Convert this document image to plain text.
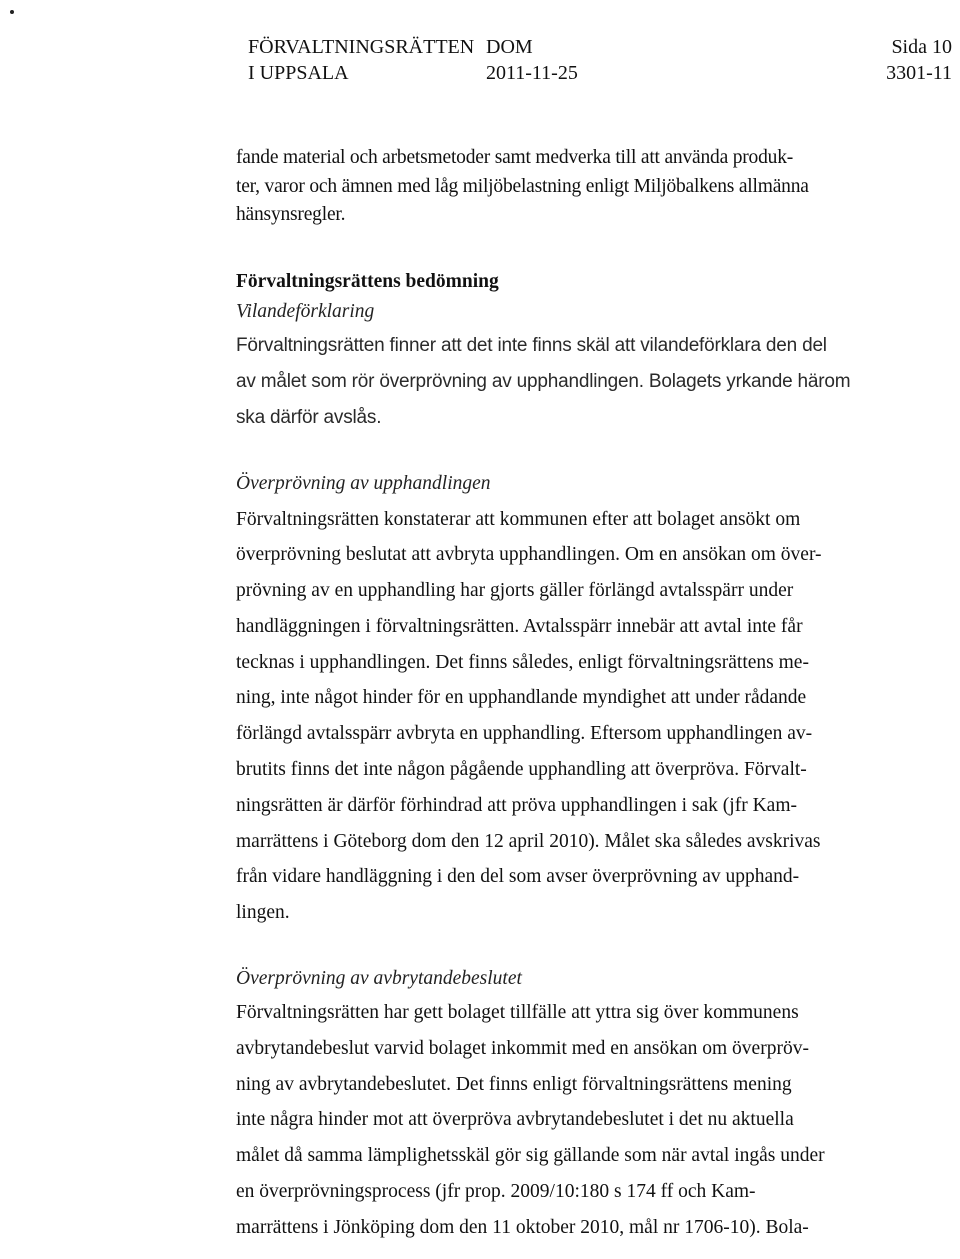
FÖRVALTNINGSRÄTTEN
I UPPSALA
DOM
2011-11-25
Sida 10
3301-11

fande material och arbetsmetoder samt medverka till att använda produk-
ter, varor och ämnen med låg miljöbelastning enligt Miljöbalkens allmänna
hänsynsregler.

Förvaltningsrättens bedömning

Vilandeförklaring

Förvaltningsrätten finner att det inte finns skäl att vilandeförklara den del
av målet som rör överprövning av upphandlingen. Bolagets yrkande härom
ska därför avslås.

Överprövning av upphandlingen

Förvaltningsrätten konstaterar att kommunen efter att bolaget ansökt om
överprövning beslutat att avbryta upphandlingen. Om en ansökan om över-
prövning av en upphandling har gjorts gäller förlängd avtalsspärr under
handläggningen i förvaltningsrätten. Avtalsspärr innebär att avtal inte får
tecknas i upphandlingen. Det finns således, enligt förvaltningsrättens me-
ning, inte något hinder för en upphandlande myndighet att under rådande
förlängd avtalsspärr avbryta en upphandling. Eftersom upphandlingen av-
brutits finns det inte någon pågående upphandling att överpröva. Förvalt-
ningsrätten är därför förhindrad att pröva upphandlingen i sak (jfr Kam-
marrättens i Göteborg dom den 12 april 2010). Målet ska således avskrivas
från vidare handläggning i den del som avser överprövning av upphand-
lingen.

Överprövning av avbrytandebeslutet

Förvaltningsrätten har gett bolaget tillfälle att yttra sig över kommunens
avbrytandebeslut varvid bolaget inkommit med en ansökan om överpröv-
ning av avbrytandebeslutet. Det finns enligt förvaltningsrättens mening
inte några hinder mot att överpröva avbrytandebeslutet i det nu aktuella
målet då samma lämplighetsskäl gör sig gällande som när avtal ingås under
en överprövningsprocess (jfr prop. 2009/10:180 s 174 ff och Kam-
marrättens i Jönköping dom den 11 oktober 2010, mål nr 1706-10). Bola-
